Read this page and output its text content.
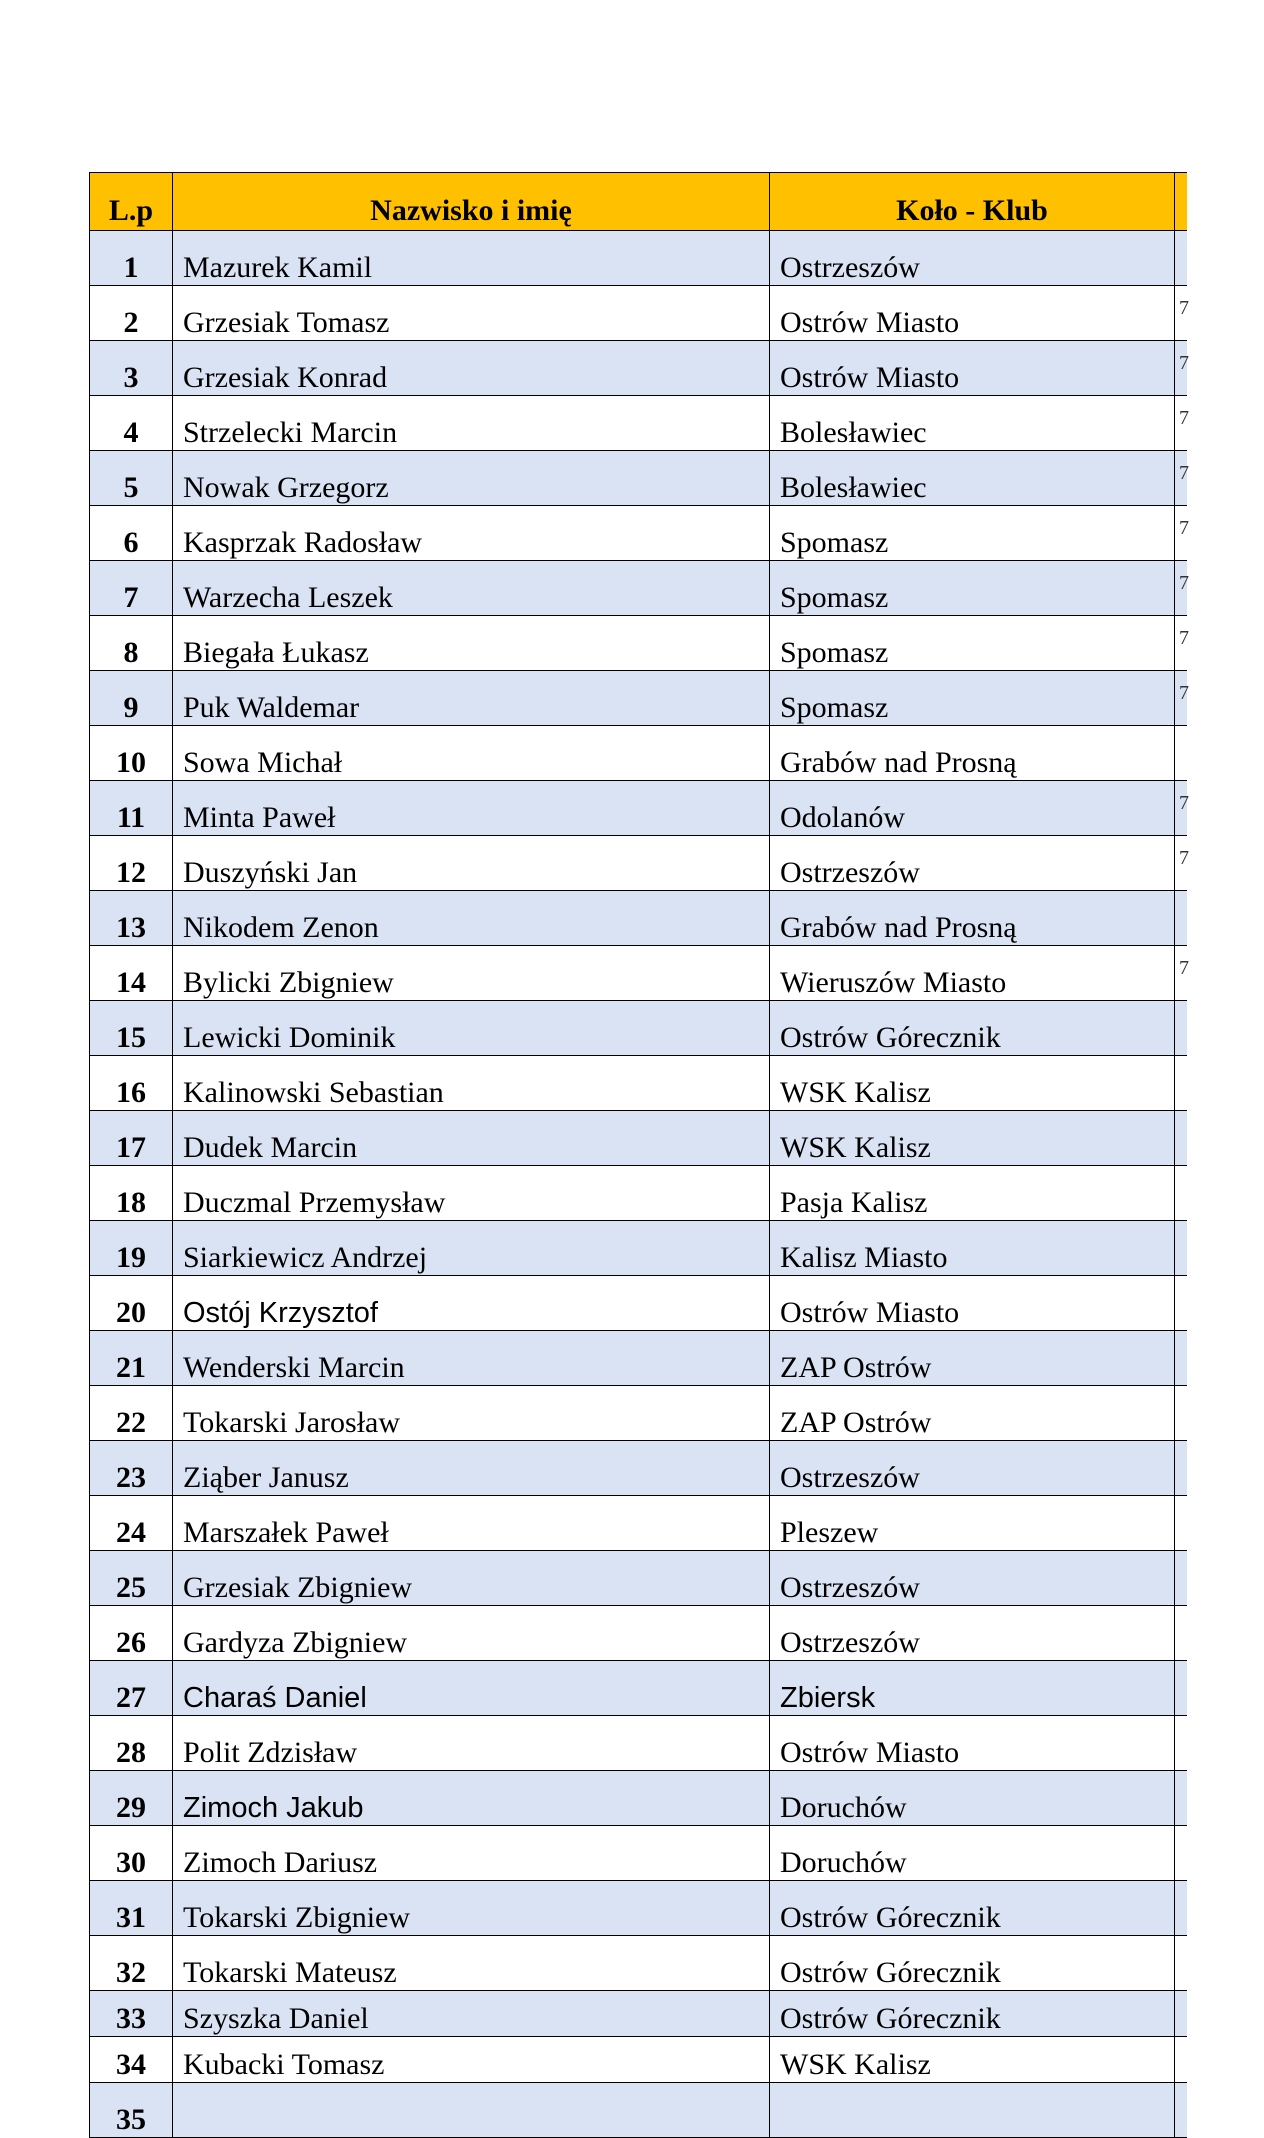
L.p	Nazwisko i imię	Koło - Klub	
1	Mazurek Kamil	Ostrzeszów	
2	Grzesiak Tomasz	Ostrów Miasto	7

3	Grzesiak Konrad	Ostrów Miasto	7

4	Strzelecki Marcin	Bolesławiec	7

5	Nowak Grzegorz	Bolesławiec	7

6	Kasprzak Radosław	Spomasz	7

7	Warzecha Leszek	Spomasz	7

8	Biegała Łukasz	Spomasz	7

9	Puk Waldemar	Spomasz	7

10	Sowa Michał	Grabów nad Prosną	
11	Minta Paweł	Odolanów	7

12	Duszyński Jan	Ostrzeszów	7

13	Nikodem Zenon	Grabów nad Prosną	
14	Bylicki Zbigniew	Wieruszów Miasto	7

15	Lewicki Dominik	Ostrów Górecznik	
16	Kalinowski Sebastian	WSK Kalisz	
17	Dudek Marcin	WSK Kalisz	
18	Duczmal Przemysław	Pasja Kalisz	
19	Siarkiewicz Andrzej	Kalisz Miasto	
20	Ostój Krzysztof	Ostrów Miasto	
21	Wenderski Marcin	ZAP Ostrów	
22	Tokarski Jarosław	ZAP Ostrów	
23	Ziąber Janusz	Ostrzeszów	
24	Marszałek Paweł	Pleszew	
25	Grzesiak Zbigniew	Ostrzeszów	
26	Gardyza Zbigniew	Ostrzeszów	
27	Charaś Daniel	Zbiersk	
28	Polit Zdzisław	Ostrów Miasto	
29	Zimoch Jakub	Doruchów	
30	Zimoch Dariusz	Doruchów	
31	Tokarski Zbigniew	Ostrów Górecznik	
32	Tokarski Mateusz	Ostrów Górecznik	
33	Szyszka Daniel	Ostrów Górecznik	
34	Kubacki Tomasz	WSK Kalisz	
35			
